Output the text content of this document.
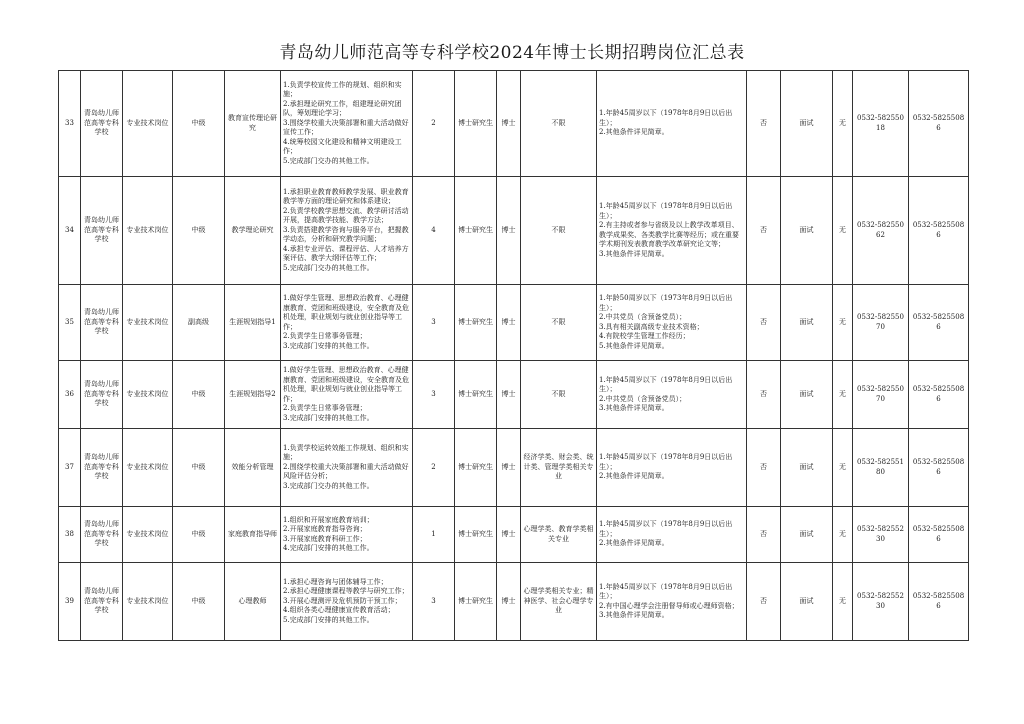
青岛幼儿师范高等专科学校2024年博士长期招聘岗位汇总表
33	青岛幼儿师范高等专科学校	专业技术岗位	中级	教育宣传理论研究	1.负责学校宣传工作的规划、组织和实施；
2.承担理论研究工作，组建理论研究团队，筹划理论学习；
3.围绕学校重大决策部署和重大活动做好宣传工作；
4.统筹校园文化建设和精神文明建设工作；
5.完成部门交办的其他工作。	2	博士研究生	博士	不限	1.年龄45周岁以下（1978年8月9日以后出生）；
2.其他条件详见简章。	否	面试	无	0532-58255018	0532-58255086
34	青岛幼儿师范高等专科学校	专业技术岗位	中级	教学理论研究	1.承担职业教育教师教学发展、职业教育教学等方面的理论研究和体系建设；
2.负责学校教学思想交流、教学研讨活动开展，提高教学技能、教学方法；
3.负责搭建教学咨询与服务平台，把握教学动态，分析和研究教学问题；
4.承担专业评估、课程评估、人才培养方案评估、教学大纲评估等工作；
5.完成部门交办的其他工作。	4	博士研究生	博士	不限	1.年龄45周岁以下（1978年8月9日以后出生）；
2.有主持或者参与省级及以上教学改革项目、教学成果奖、各类教学比赛等经历；或在重要学术期刊发表教育教学改革研究论文等；
3.其他条件详见简章。	否	面试	无	0532-58255062	0532-58255086
35	青岛幼儿师范高等专科学校	专业技术岗位	副高级	生涯规划指导1	1.做好学生管理、思想政治教育、心理健康教育、党团和班级建设，安全教育及危机处理，职业规划与就业创业指导等工作；
2.负责学生日常事务管理；
3.完成部门安排的其他工作。	3	博士研究生	博士	不限	1.年龄50周岁以下（1973年8月9日以后出生）；
2.中共党员（含预备党员）；
3.具有相关副高级专业技术资格；
4.有院校学生管理工作经历；
5.其他条件详见简章。	否	面试	无	0532-58255070	0532-58255086
36	青岛幼儿师范高等专科学校	专业技术岗位	中级	生涯规划指导2	1.做好学生管理、思想政治教育、心理健康教育、党团和班级建设，安全教育及危机处理，职业规划与就业创业指导等工作；
2.负责学生日常事务管理；
3.完成部门安排的其他工作。	3	博士研究生	博士	不限	1.年龄45周岁以下（1978年8月9日以后出生）；
2.中共党员（含预备党员）；
3.其他条件详见简章。	否	面试	无	0532-58255070	0532-58255086
37	青岛幼儿师范高等专科学校	专业技术岗位	中级	效能分析管理	1.负责学校运转效能工作规划、组织和实施；
2.围绕学校重大决策部署和重大活动做好风险评估分析；
3.完成部门交办的其他工作。	2	博士研究生	博士	经济学类、财会类、统计类、管理学类相关专业	1.年龄45周岁以下（1978年8月9日以后出生）；
2.其他条件详见简章。	否	面试	无	0532-58255180	0532-58255086
38	青岛幼儿师范高等专科学校	专业技术岗位	中级	家庭教育指导师	1.组织和开展家庭教育培训；
2.开展家庭教育指导咨询；
3.开展家庭教育科研工作；
4.完成部门安排的其他工作。	1	博士研究生	博士	心理学类、教育学类相关专业	1.年龄45周岁以下（1978年8月9日以后出生）；
2.其他条件详见简章。	否	面试	无	0532-58255230	0532-58255086
39	青岛幼儿师范高等专科学校	专业技术岗位	中级	心理教师	1.承担心理咨询与团体辅导工作；
2.承担心理健康课程等教学与研究工作；
3.开展心理测评及危机预防干预工作；
4.组织各类心理健康宣传教育活动；
5.完成部门安排的其他工作。	3	博士研究生	博士	心理学类相关专业；精神医学、社会心理学专业	1.年龄45周岁以下（1978年8月9日以后出生）；
2.有中国心理学会注册督导师或心理师资格；
3.其他条件详见简章。	否	面试	无	0532-58255230	0532-58255086
